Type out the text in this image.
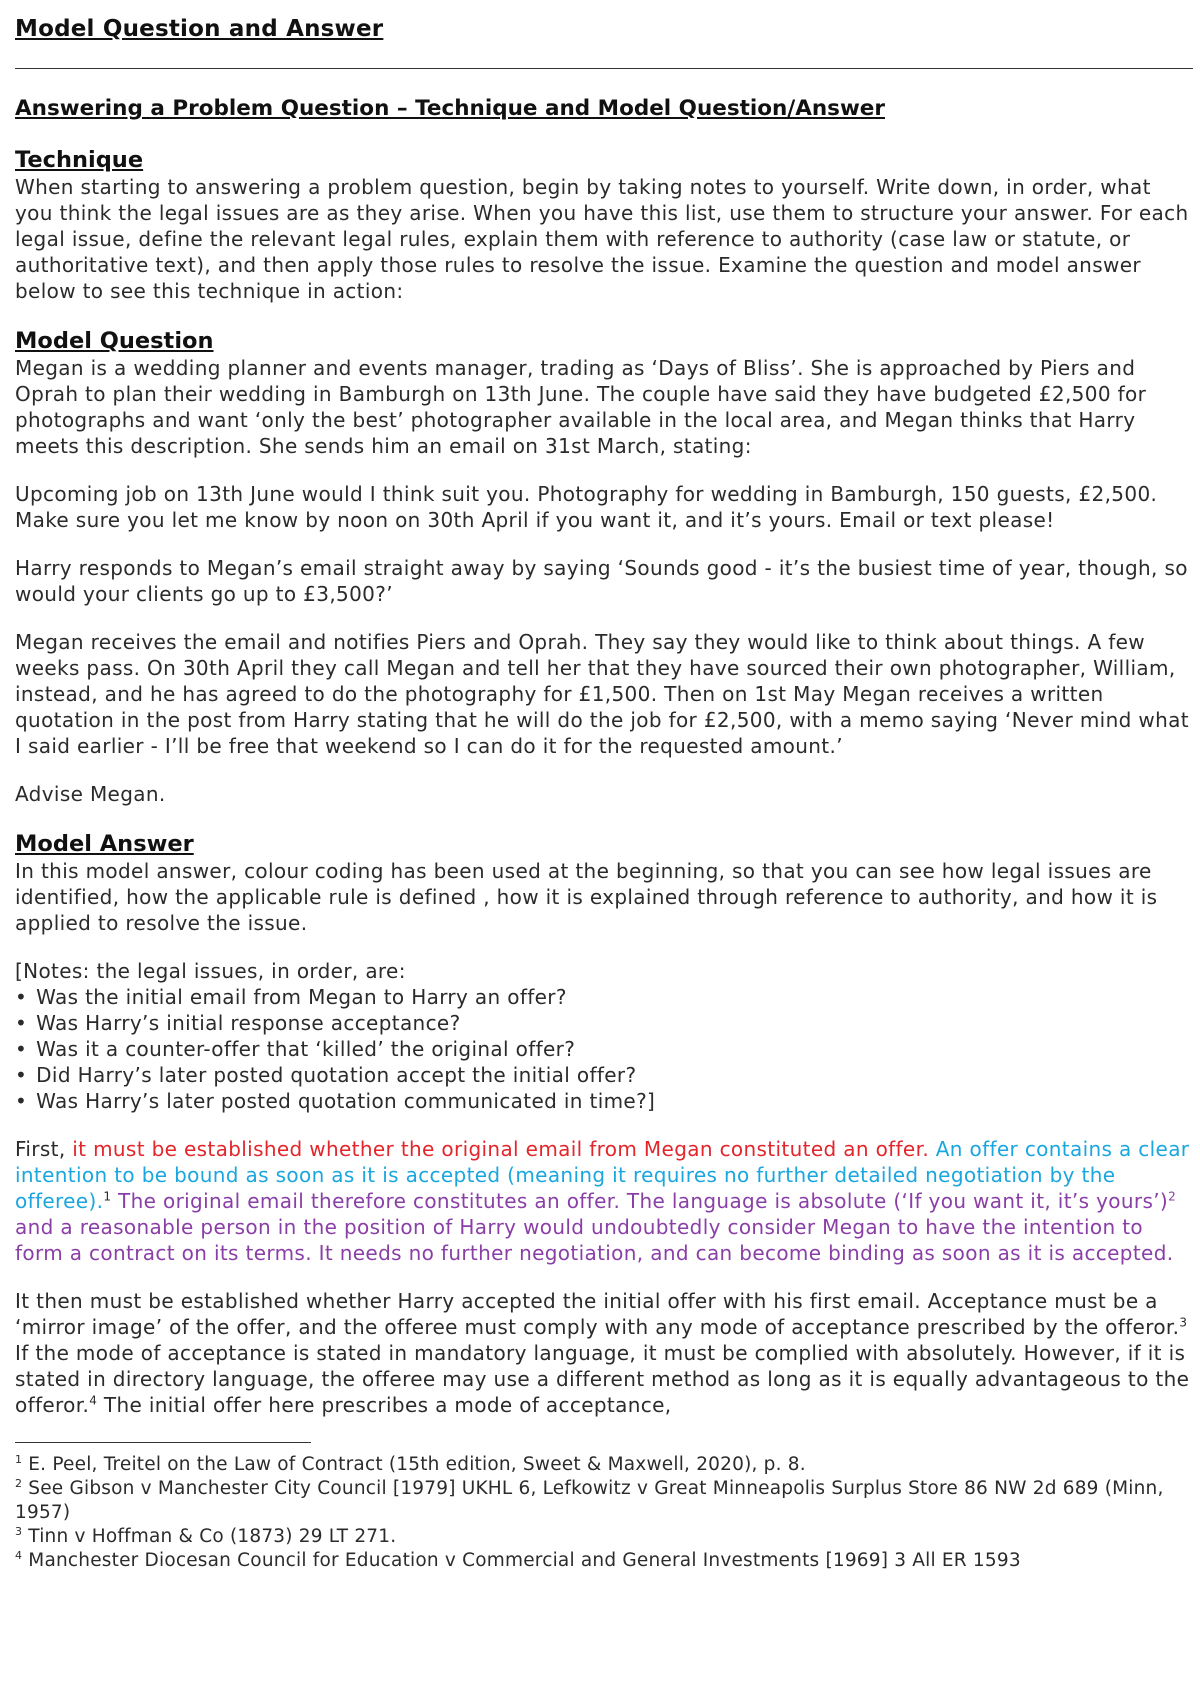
Model Question and Answer
Answering a Problem Question – Technique and Model Question/Answer
Technique

When starting to answering a problem question, begin by taking notes to yourself. Write down, in order, what you think the legal issues are as they arise. When you have this list, use them to structure your answer. For each legal issue, define the relevant legal rules, explain them with reference to authority (case law or statute, or authoritative text), and then apply those rules to resolve the issue. Examine the question and model answer below to see this technique in action:

Model Question

Megan is a wedding planner and events manager, trading as ‘Days of Bliss’. She is approached by Piers and Oprah to plan their wedding in Bamburgh on 13th June. The couple have said they have budgeted £2,500 for photographs and want ‘only the best’ photographer available in the local area, and Megan thinks that Harry meets this description. She sends him an email on 31st March, stating:

Upcoming job on 13th June would I think suit you. Photography for wedding in Bamburgh, 150 guests, £2,500. Make sure you let me know by noon on 30th April if you want it, and it’s yours. Email or text please!

Harry responds to Megan’s email straight away by saying ‘Sounds good - it’s the busiest time of year, though, so would your clients go up to £3,500?’

Megan receives the email and notifies Piers and Oprah. They say they would like to think about things. A few weeks pass. On 30th April they call Megan and tell her that they have sourced their own photographer, William, instead, and he has agreed to do the photography for £1,500. Then on 1st May Megan receives a written quotation in the post from Harry stating that he will do the job for £2,500, with a memo saying ‘Never mind what I said earlier - I’ll be free that weekend so I can do it for the requested amount.’

Advise Megan.

Model Answer

In this model answer, colour coding has been used at the beginning, so that you can see how legal issues are identified, how the applicable rule is defined , how it is explained through reference to authority, and how it is applied to resolve the issue.

[Notes: the legal issues, in order, are:

• Was the initial email from Megan to Harry an offer?
• Was Harry’s initial response acceptance?
• Was it a counter-offer that ‘killed’ the original offer?
• Did Harry’s later posted quotation accept the initial offer?
• Was Harry’s later posted quotation communicated in time?]

First, it must be established whether the original email from Megan constituted an offer. An offer contains a clear intention to be bound as soon as it is accepted (meaning it requires no further detailed negotiation by the offeree).$^1$ The original email therefore constitutes an offer. The language is absolute (‘If you want it, it’s yours’)$^2$ and a reasonable person in the position of Harry would undoubtedly consider Megan to have the intention to form a contract on its terms. It needs no further negotiation, and can become binding as soon as it is accepted.

It then must be established whether Harry accepted the initial offer with his first email. Acceptance must be a ‘mirror image’ of the offer, and the offeree must comply with any mode of acceptance prescribed by the offeror.$^3$ If the mode of acceptance is stated in mandatory language, it must be complied with absolutely. However, if it is stated in directory language, the offeree may use a different method as long as it is equally advantageous to the offeror.$^4$ The initial offer here prescribes a mode of acceptance,

$^1$ E. Peel, Treitel on the Law of Contract (15th edition, Sweet & Maxwell, 2020), p. 8.

$^2$ See Gibson v Manchester City Council [1979] UKHL 6, Lefkowitz v Great Minneapolis Surplus Store 86 NW 2d 689 (Minn, 1957)

$^3$ Tinn v Hoffman & Co (1873) 29 LT 271.

$^4$ Manchester Diocesan Council for Education v Commercial and General Investments [1969] 3 All ER 1593
